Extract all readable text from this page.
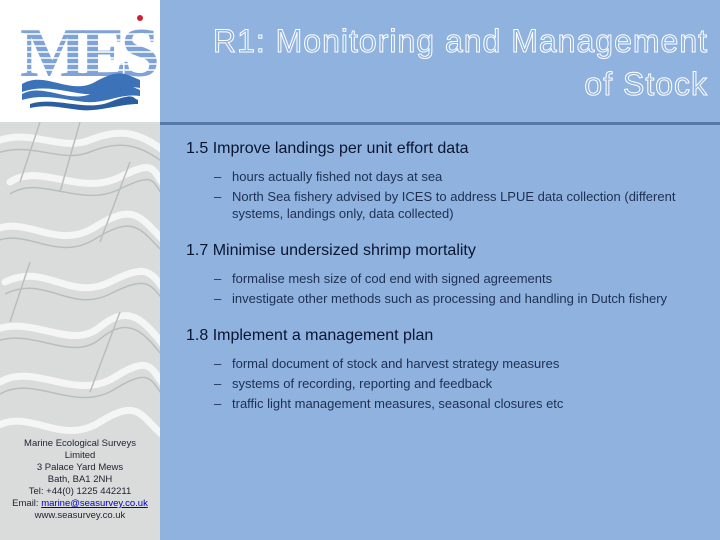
Marine Ecological Surveys
Limited
3 Palace Yard Mews
Bath, BA1 2NH
Tel: +44(0) 1225 442211
Email: marine@seasurvey.co.uk
www.seasurvey.co.uk
R1: Monitoring and Management
of Stock
1.5 Improve landings per unit effort data
– hours actually fished not days at sea
– North Sea fishery advised by ICES to address LPUE data collection (different systems, landings only, data collected)
1.7 Minimise undersized shrimp mortality
– formalise mesh size of cod end with signed agreements
– investigate other methods such as processing and handling in Dutch fishery
1.8 Implement a management plan
– formal document of stock and harvest strategy measures
– systems of recording, reporting and feedback
– traffic light management measures, seasonal closures etc
